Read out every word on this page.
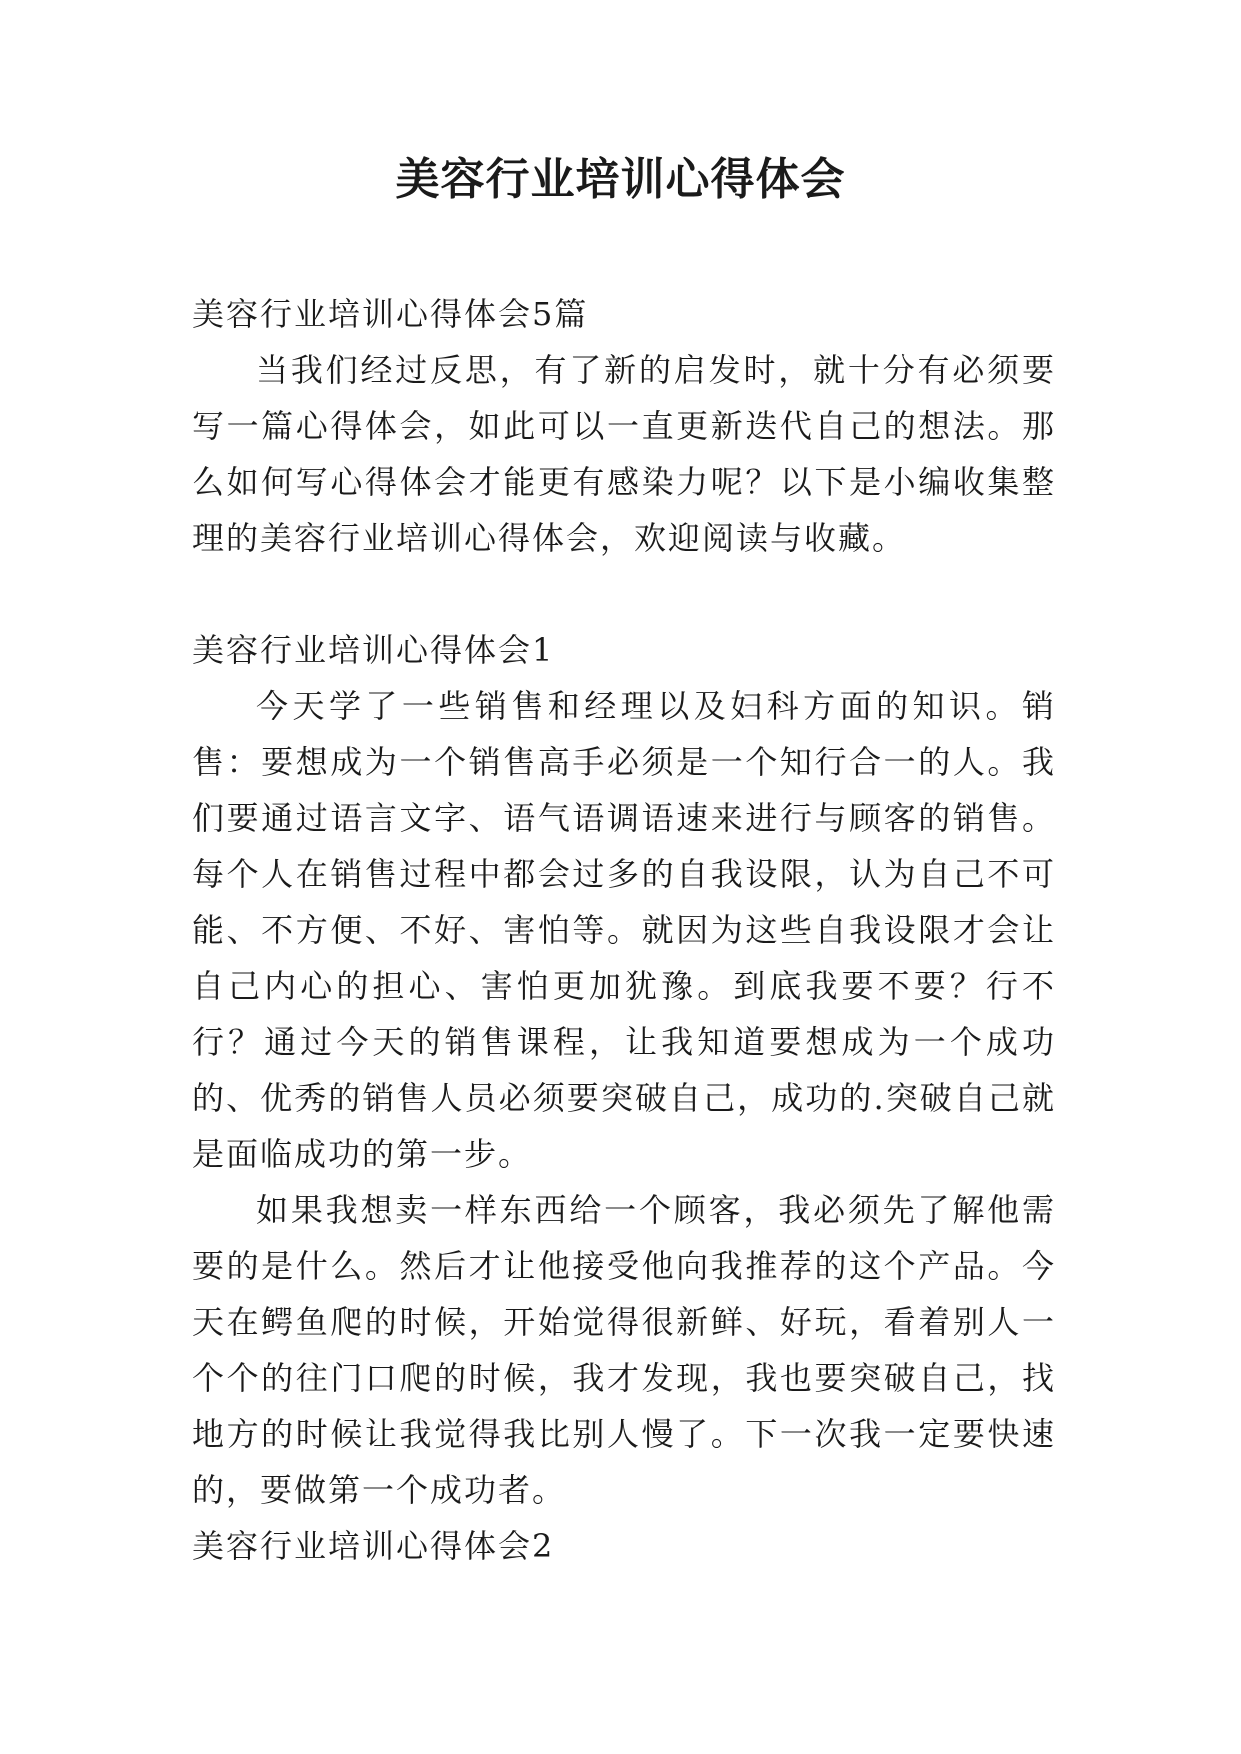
美容行业培训心得体会

美容行业培训心得体会5篇

当我们经过反思，有了新的启发时，就十分有必须要写一篇心得体会，如此可以一直更新迭代自己的想法。那么如何写心得体会才能更有感染力呢？以下是小编收集整理的美容行业培训心得体会，欢迎阅读与收藏。

美容行业培训心得体会1

今天学了一些销售和经理以及妇科方面的知识。销售：要想成为一个销售高手必须是一个知行合一的人。我们要通过语言文字、语气语调语速来进行与顾客的销售。每个人在销售过程中都会过多的自我设限，认为自己不可能、不方便、不好、害怕等。就因为这些自我设限才会让自己内心的担心、害怕更加犹豫。到底我要不要？行不行？通过今天的销售课程，让我知道要想成为一个成功的、优秀的销售人员必须要突破自己，成功的.突破自己就是面临成功的第一步。

如果我想卖一样东西给一个顾客，我必须先了解他需要的是什么。然后才让他接受他向我推荐的这个产品。今天在鳄鱼爬的时候，开始觉得很新鲜、好玩，看着别人一个个的往门口爬的时候，我才发现，我也要突破自己，找地方的时候让我觉得我比别人慢了。下一次我一定要快速的，要做第一个成功者。

美容行业培训心得体会2
